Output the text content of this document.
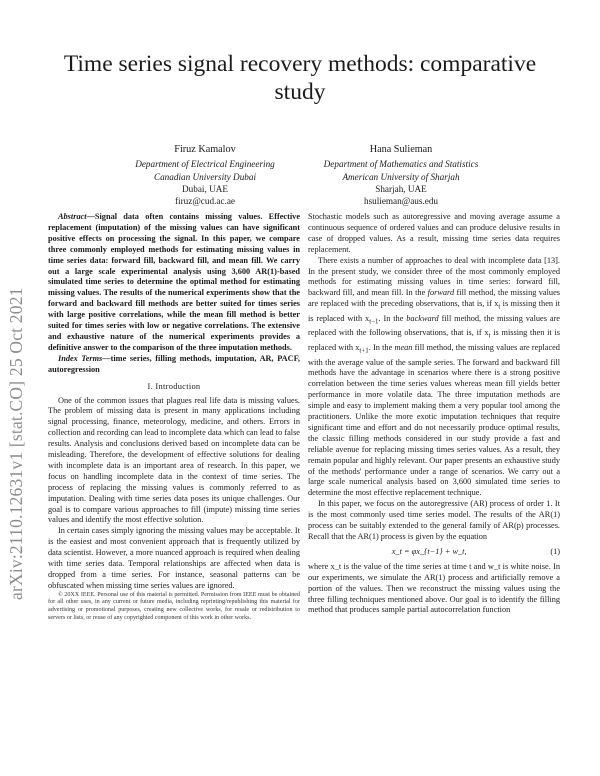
Time series signal recovery methods: comparative study
Firuz Kamalov
Department of Electrical Engineering
Canadian University Dubai
Dubai, UAE
firuz@cud.ac.ae
Hana Sulieman
Department of Mathematics and Statistics
American University of Sharjah
Sharjah, UAE
hsulieman@aus.edu
arXiv:2110.12631v1 [stat.CO] 25 Oct 2021

Abstract—Signal data often contains missing values. Effective replacement (imputation) of the missing values can have significant positive effects on processing the signal. In this paper, we compare three commonly employed methods for estimating missing values in time series data: forward fill, backward fill, and mean fill. We carry out a large scale experimental analysis using 3,600 AR(1)-based simulated time series to determine the optimal method for estimating missing values. The results of the numerical experiments show that the forward and backward fill methods are better suited for times series with large positive correlations, while the mean fill method is better suited for times series with low or negative correlations. The extensive and exhaustive nature of the numerical experiments provides a definitive answer to the comparison of the three imputation methods.

Index Terms—time series, filling methods, imputation, AR, PACF, autoregression

I. Introduction

One of the common issues that plagues real life data is missing values. The problem of missing data is present in many applications including signal processing, finance, meteorology, medicine, and others. Errors in collection and recording can lead to incomplete data which can lead to false results. Analysis and conclusions derived based on incomplete data can be misleading. Therefore, the development of effective solutions for dealing with incomplete data is an important area of research. In this paper, we focus on handling incomplete data in the context of time series. The process of replacing the missing values is commonly referred to as imputation. Dealing with time series data poses its unique challenges. Our goal is to compare various approaches to fill (impute) missing time series values and identify the most effective solution.

In certain cases simply ignoring the missing values may be acceptable. It is the easiest and most convenient approach that is frequently utilized by data scientist. However, a more nuanced approach is required when dealing with time series data. Temporal relationships are affected when data is dropped from a time series. For instance, seasonal patterns can be obfuscated when missing time series values are ignored.

© 20XX IEEE. Personal use of this material is permitted. Permission from IEEE must be obtained for all other uses, in any current or future media, including reprinting/republishing this material for advertising or promotional purposes, creating new collective works, for resale or redistribution to servers or lists, or reuse of any copyrighted component of this work in other works.

Stochastic models such as autoregressive and moving average assume a continuous sequence of ordered values and can produce delusive results in case of dropped values. As a result, missing time series data requires replacement.

There exists a number of approaches to deal with incomplete data [13]. In the present study, we consider three of the most commonly employed methods for estimating missing values in time series: forward fill, backward fill, and mean fill. In the forward fill method, the missing values are replaced with the preceding observations, that is, if $x_t$ is missing then it is replaced with $x_{t-1}$. In the backward fill method, the missing values are replaced with the following observations, that is, if $x_t$ is missing then it is replaced with $x_{t+1}$. In the mean fill method, the missing values are replaced with the average value of the sample series. The forward and backward fill methods have the advantage in scenarios where there is a strong positive correlation between the time series values whereas mean fill yields better performance in more volatile data. The three imputation methods are simple and easy to implement making them a very popular tool among the practitioners. Unlike the more exotic imputation techniques that require significant time and effort and do not necessarily produce optimal results, the classic filling methods considered in our study provide a fast and reliable avenue for replacing missing times series values. As a result, they remain popular and highly relevant. Our paper presents an exhaustive study of the methods' performance under a range of scenarios. We carry out a large scale numerical analysis based on 3,600 simulated time series to determine the most effective replacement technique.

In this paper, we focus on the autoregressive (AR) process of order 1. It is the most commonly used time series model. The results of the AR(1) process can be suitably extended to the general family of AR(p) processes. Recall that the AR(1) process is given by the equation

x_t = φx_{t−1} + w_t,	(1)

where x_t is the value of the time series at time t and w_t is white noise. In our experiments, we simulate the AR(1) process and artificially remove a portion of the values. Then we reconstruct the missing values using the three filling techniques mentioned above. Our goal is to identify the filling method that produces sample partial autocorrelation function
